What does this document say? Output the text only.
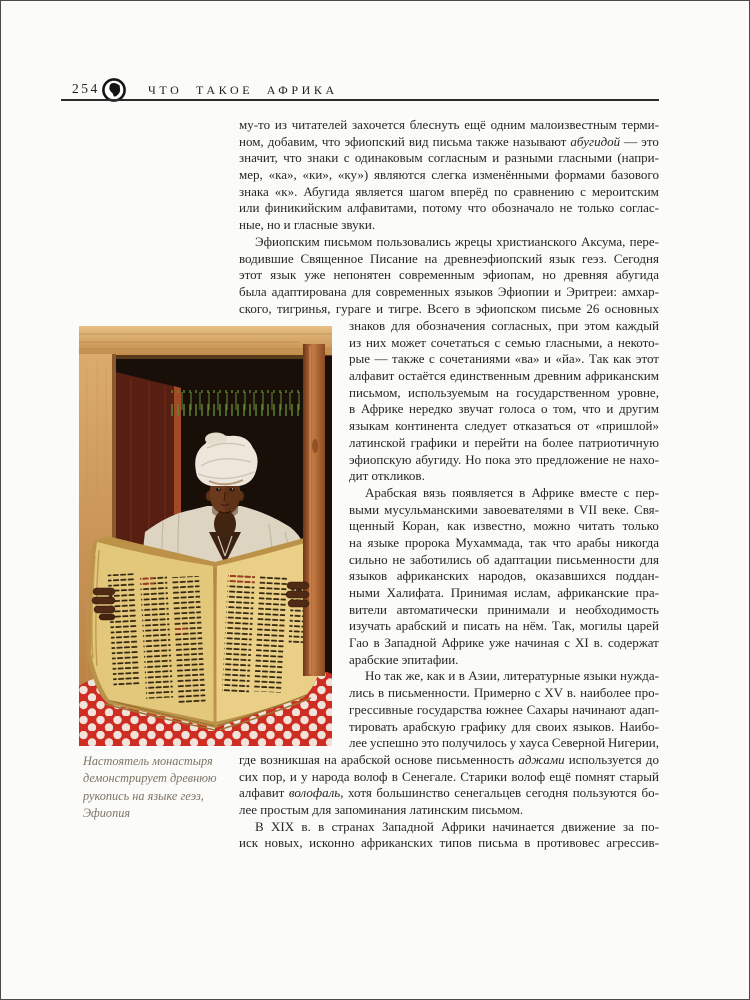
254	ЧТО ТАКОЕ АФРИКА
му-то из читателей захочется блеснуть ещё одним малоизвестным терми-
ном, добавим, что эфиопский вид письма также называют абугидой — это
значит, что знаки с одинаковым согласным и разными гласными (напри-
мер, «ка», «ки», «ку») являются слегка изменёнными формами базового
знака «к». Абугида является шагом вперёд по сравнению с мероитским
или финикийским алфавитами, потому что обозначало не только соглас-
ные, но и гласные звуки.
Эфиопским письмом пользовались жрецы христианского Аксума, пере-
водившие Священное Писание на древнеэфиопский язык геэз. Сегодня
этот язык уже непонятен современным эфиопам, но древняя абугида
была адаптирована для современных языков Эфиопии и Эритреи: амхар-
ского, тигринья, гураге и тигре. Всего в эфиопском письме 26 основных
знаков для обозначения согласных, при этом каждый
из них может сочетаться с семью гласными, а некото-
рые — также с сочетаниями «ва» и «йа». Так как этот
алфавит остаётся единственным древним африканским
письмом, используемым на государственном уровне,
в Африке нередко звучат голоса о том, что и другим
языкам континента следует отказаться от «пришлой»
латинской графики и перейти на более патриотичную
эфиопскую абугиду. Но пока это предложение не нахо-
дит откликов.
Арабская вязь появляется в Африке вместе с пер-
выми мусульманскими завоевателями в VII веке. Свя-
щенный Коран, как известно, можно читать только
на языке пророка Мухаммада, так что арабы никогда
сильно не заботились об адаптации письменности для
языков африканских народов, оказавшихся поддан-
ными Халифата. Принимая ислам, африканские пра-
вители автоматически принимали и необходимость
изучать арабский и писать на нём. Так, могилы царей
Гао в Западной Африке уже начиная с XI в. содержат
арабские эпитафии.
Но так же, как и в Азии, литературные языки нужда-
лись в письменности. Примерно с XV в. наиболее про-
грессивные государства южнее Сахары начинают адап-
тировать арабскую графику для своих языков. Наибо-
лее успешно это получилось у хауса Северной Нигерии,
где возникшая на арабской основе письменность аджами используется до
сих пор, и у народа волоф в Сенегале. Старики волоф ещё помнят старый
алфавит волофаль, хотя большинство сенегальцев сегодня пользуются бо-
лее простым для запоминания латинским письмом.
В XIX в. в странах Западной Африки начинается движение за по-
иск новых, исконно африканских типов письма в противовес агрессив-
Настоятель монастыря
демонстрирует древнюю
рукопись на языке геэз,
Эфиопия
